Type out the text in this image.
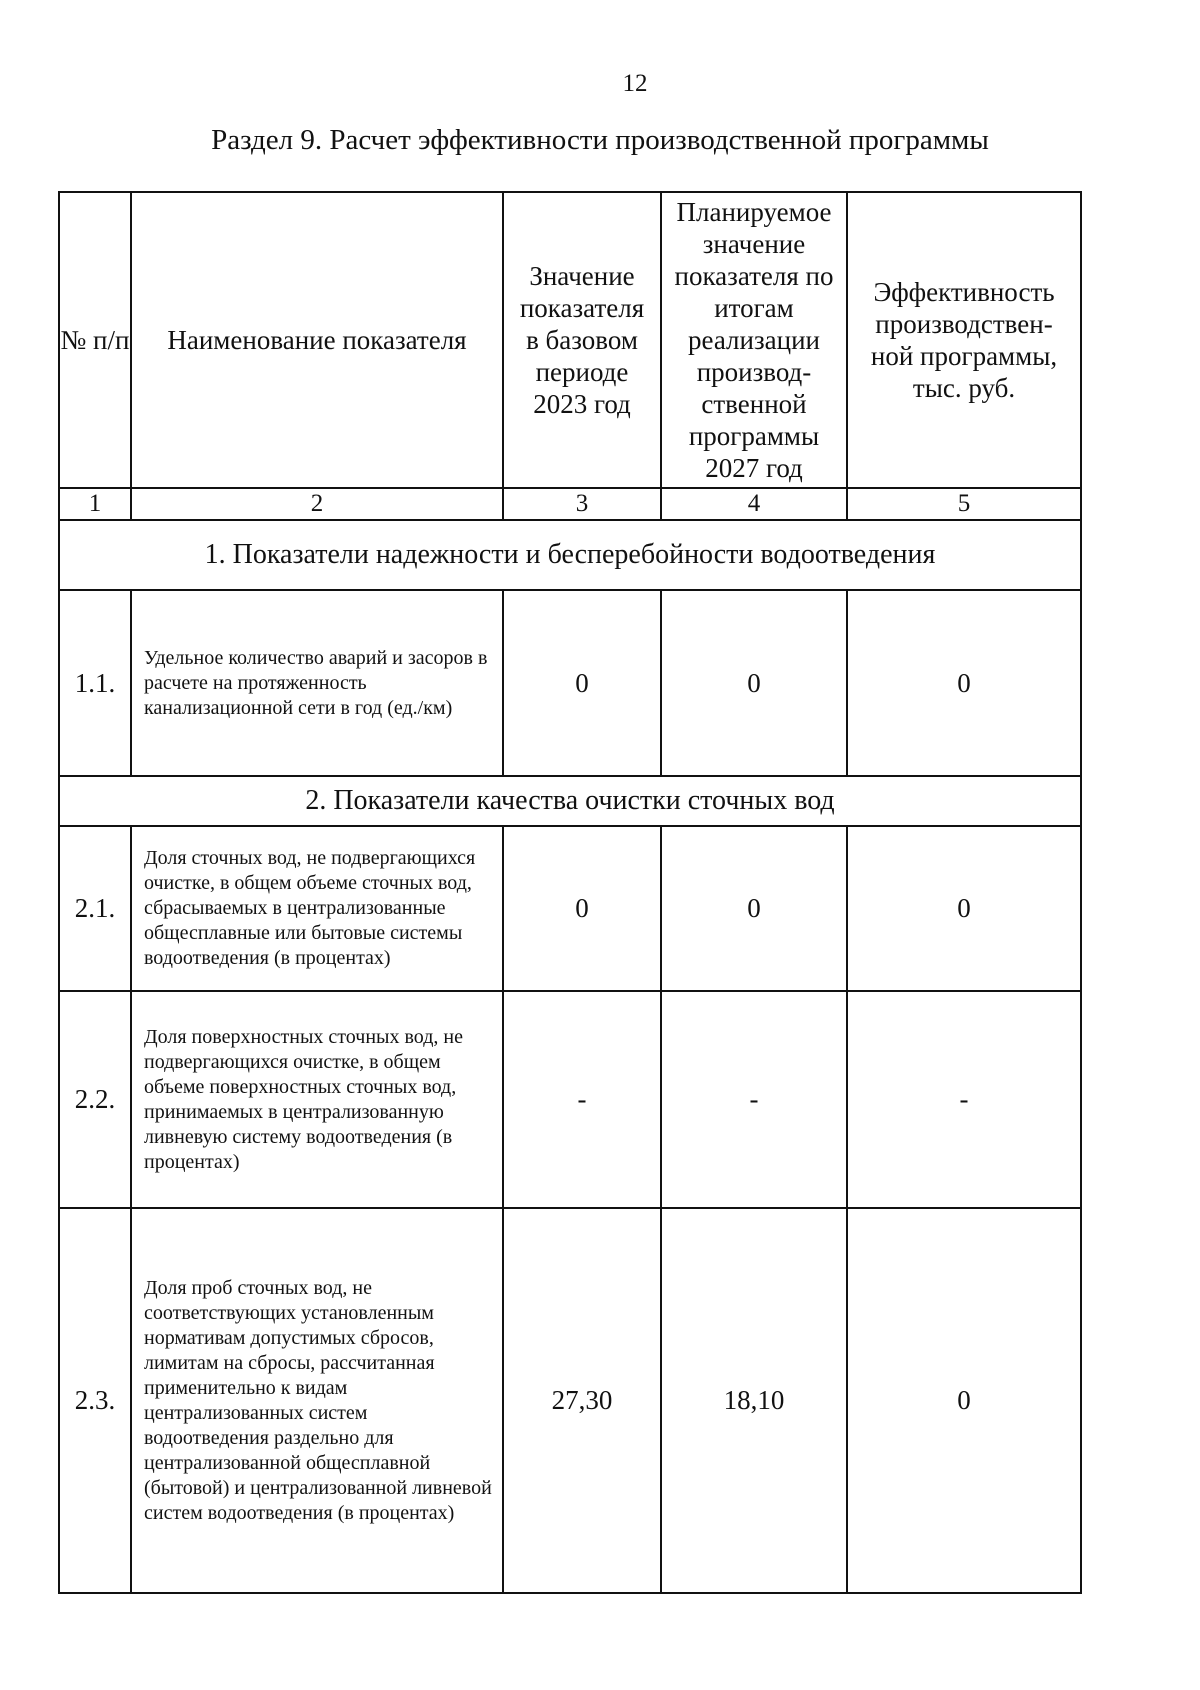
12
Раздел 9. Расчет эффективности производственной программы
№ п/п	Наименование показателя	Значение показателя в базовом периоде 2023 год	Планируемое значение показателя по итогам реализации производ-ственной программы 2027 год	Эффективность производствен-ной программы, тыс. руб.
1	2	3	4	5
1. Показатели надежности и бесперебойности водоотведения				
1.1.	Удельное количество аварий и засоров в расчете на протяженность канализационной сети в год (ед./км)	0	0	0
2. Показатели качества очистки сточных вод				
2.1.	Доля сточных вод, не подвергающихся очистке, в общем объеме сточных вод, сбрасываемых в централизованные общесплавные или бытовые системы водоотведения (в процентах)	0	0	0
2.2.	Доля поверхностных сточных вод, не подвергающихся очистке, в общем объеме поверхностных сточных вод, принимаемых в централизованную ливневую систему водоотведения (в процентах)	-	-	-
2.3.	Доля проб сточных вод, не соответствующих установленным нормативам допустимых сбросов, лимитам на сбросы, рассчитанная применительно к видам централизованных систем водоотведения раздельно для централизованной общесплавной (бытовой) и централизованной ливневой систем водоотведения (в процентах)	27,30	18,10	0
